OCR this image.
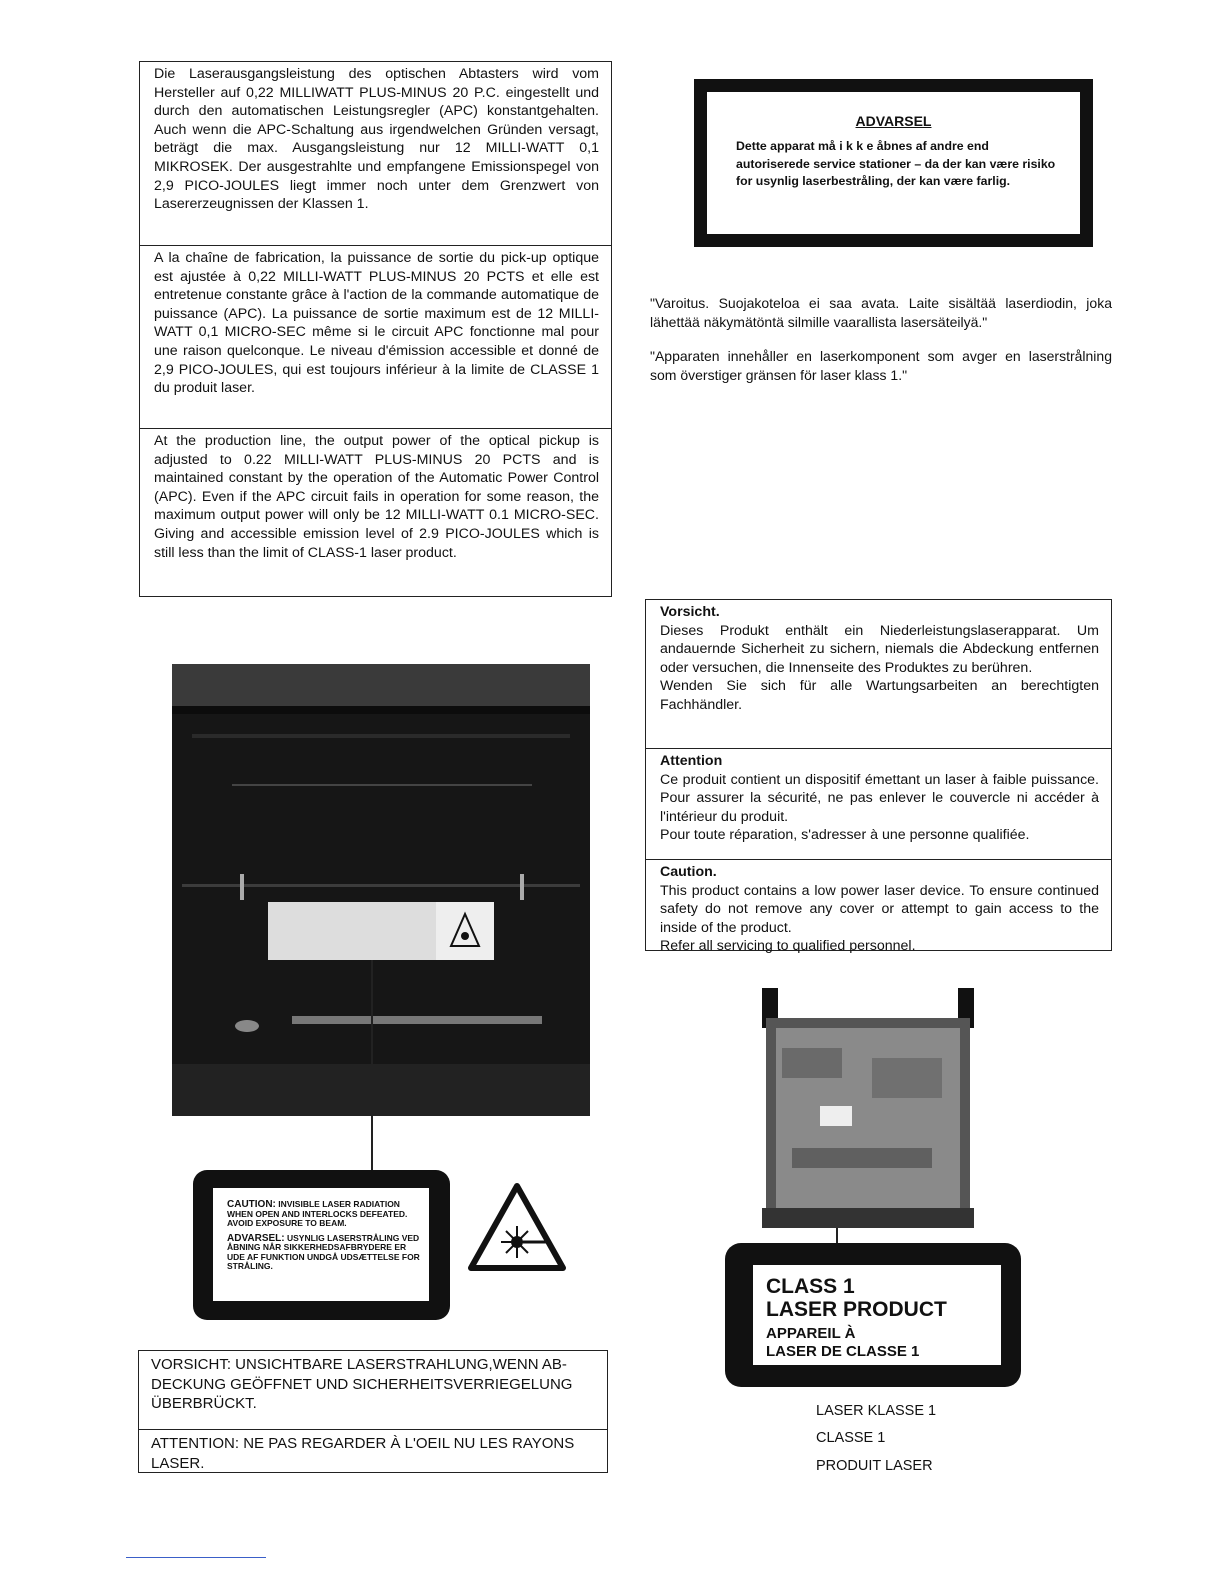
Die Laserausgangsleistung des optischen Abtasters wird vom Hersteller auf 0,22 MILLIWATT PLUS-MINUS 20 P.C. eingestellt und durch den automatischen Leistungsregler (APC) konstantgehalten. Auch wenn die APC-Schaltung aus irgendwelchen Gründen versagt, beträgt die max. Ausgangsleistung nur 12 MILLI-WATT 0,1 MIKROSEK. Der ausgestrahlte und empfangene Emissionspegel von 2,9 PICO-JOULES liegt immer noch unter dem Grenzwert von Lasererzeugnissen der Klassen 1.

A la chaîne de fabrication, la puissance de sortie du pick-up optique est ajustée à 0,22 MILLI-WATT PLUS-MINUS 20 PCTS et elle est entretenue constante grâce à l'action de la commande automatique de puissance (APC). La puissance de sortie maximum est de 12 MILLI-WATT 0,1 MICRO-SEC même si le circuit APC fonctionne mal pour une raison quelconque. Le niveau d'émission accessible et donné de 2,9 PICO-JOULES, qui est toujours inférieur à la limite de CLASSE 1 du produit laser.

At the production line, the output power of the optical pickup is adjusted to 0.22 MILLI-WATT PLUS-MINUS 20 PCTS and is maintained constant by the operation of the Automatic Power Control (APC). Even if the APC circuit fails in operation for some reason, the maximum output power will only be 12 MILLI-WATT 0.1 MICRO-SEC. Giving and accessible emission level of 2.9 PICO-JOULES which is still less than the limit of CLASS-1 laser product.

ADVARSEL
Dette apparat må i k k e åbnes af andre end autoriserede service stationer – da der kan være risiko for usynlig laserbestråling, der kan være farlig.
"Varoitus. Suojakotelоa ei saa avata. Laite sisältää laserdiodin, joka lähettää näkymätöntä silmille vaarallista lasersäteilyä."
"Apparaten innehåller en laserkomponent som avger en laserstrålning som överstiger gränsen för laser klass 1."

Vorsicht.

Dieses Produkt enthält ein Niederleistungslaserapparat. Um andauernde Sicherheit zu sichern, niemals die Abdeckung entfernen oder versuchen, die Innenseite des Produktes zu berühren.

Wenden Sie sich für alle Wartungsarbeiten an berechtigten Fachhändler.

Attention

Ce produit contient un dispositif émettant un laser à faible puissance. Pour assurer la sécurité, ne pas enlever le couvercle ni accéder à l'intérieur du produit.

Pour toute réparation, s'adresser à une personne qualifiée.

Caution.

This product contains a low power laser device. To ensure continued safety do not remove any cover or attempt to gain access to the inside of the product.

Refer all servicing to qualified personnel.

CAUTION: INVISIBLE LASER RADIATION WHEN OPEN AND INTERLOCKS DEFEATED. AVOID EXPOSURE TO BEAM.
ADVARSEL: USYNLIG LASERSTRÅLING VED ÅBNING NÅR SIKKERHEDSAFBRYDERE ER UDE AF FUNKTION UNDGÅ UDSÆTTELSE FOR STRÅLING.
VORSICHT: UNSICHTBARE LASERSTRAHLUNG,WENN AB-DECKUNG GEÖFFNET UND SICHERHEITSVERRIEGELUNG ÜBERBRÜCKT.
ATTENTION: NE PAS REGARDER À L'OEIL NU LES RAYONS LASER.
CLASS 1
LASER PRODUCT
APPAREIL À
LASER DE CLASSE 1
LASER KLASSE 1
CLASSE 1
PRODUIT LASER
